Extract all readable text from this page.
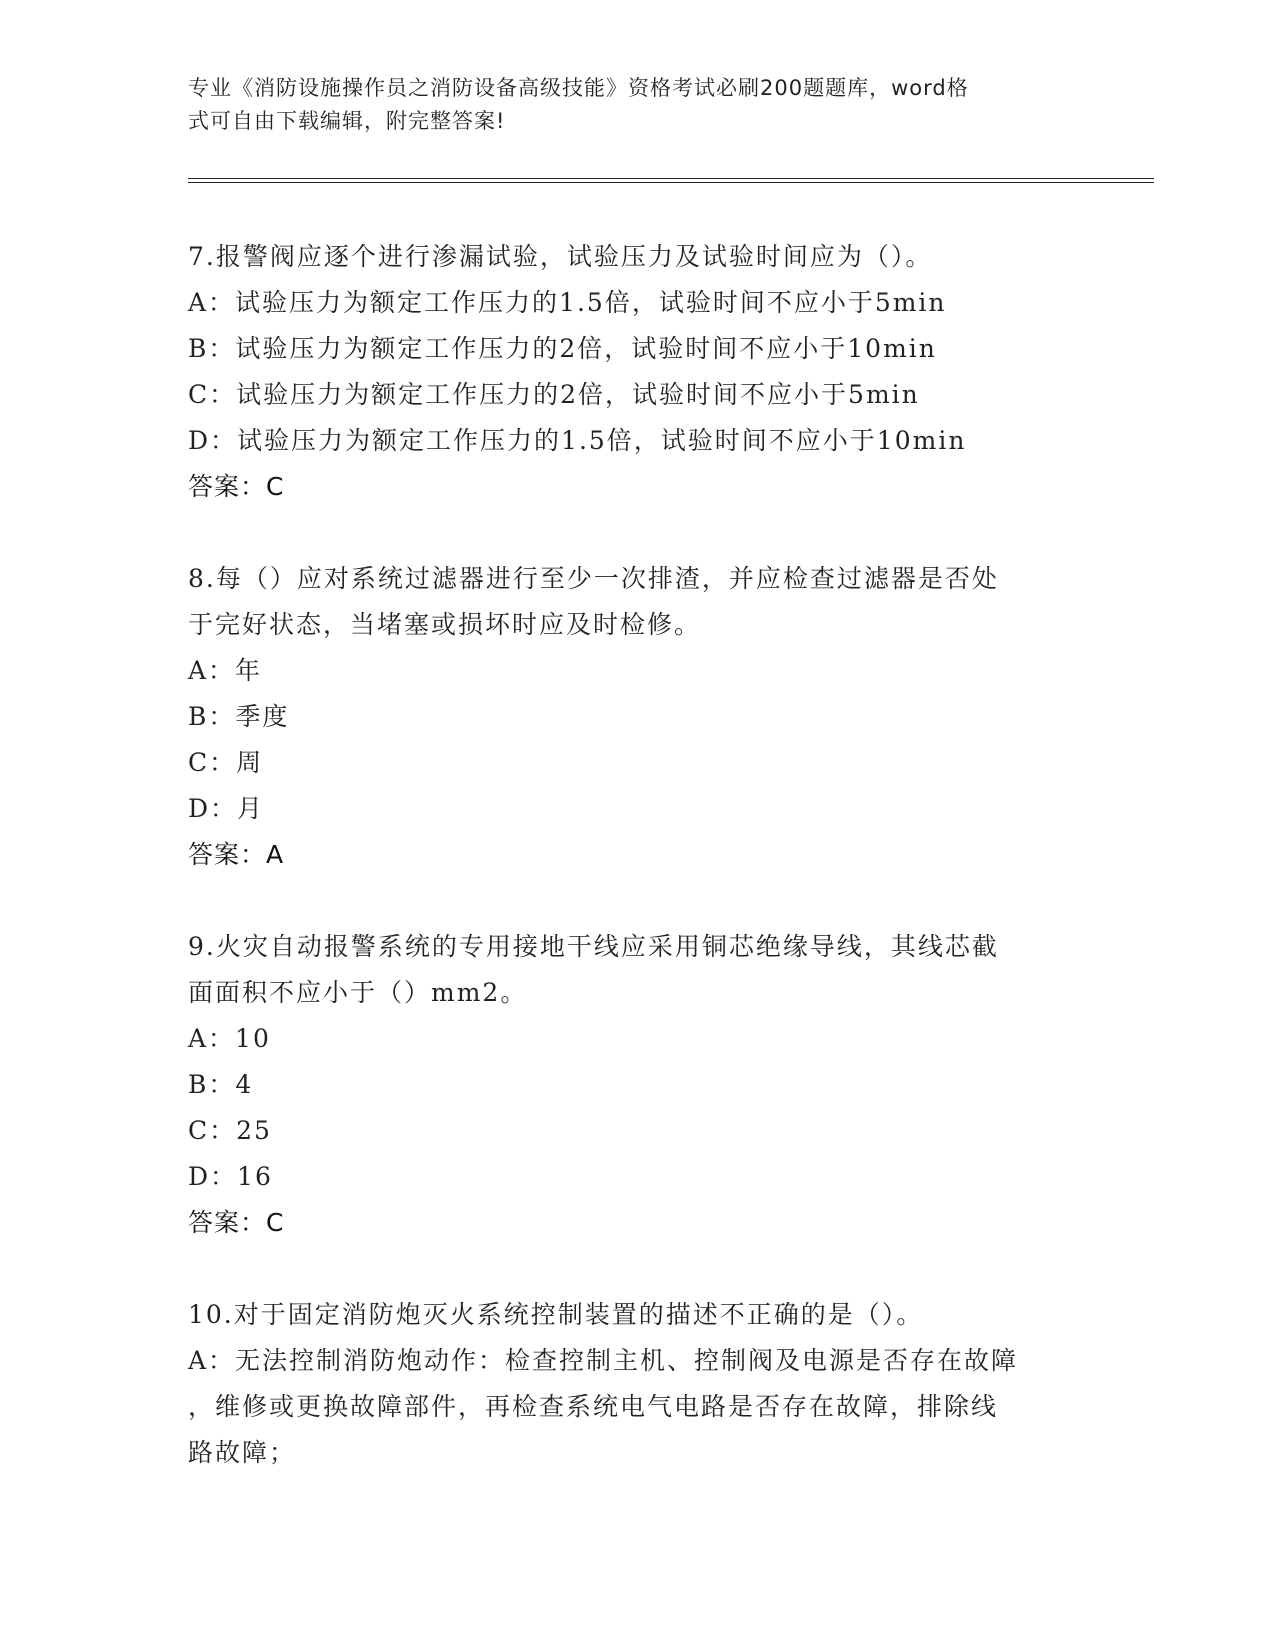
专业《消防设施操作员之消防设备高级技能》资格考试必刷200题题库，word格
式可自由下载编辑，附完整答案!
7.报警阀应逐个进行渗漏试验，试验压力及试验时间应为（）。
A：试验压力为额定工作压力的1.5倍，试验时间不应小于5min
B：试验压力为额定工作压力的2倍，试验时间不应小于10min
C：试验压力为额定工作压力的2倍，试验时间不应小于5min
D：试验压力为额定工作压力的1.5倍，试验时间不应小于10min
答案：C
8.每（）应对系统过滤器进行至少一次排渣，并应检查过滤器是否处
于完好状态，当堵塞或损坏时应及时检修。
A：年
B：季度
C：周
D：月
答案：A
9.火灾自动报警系统的专用接地干线应采用铜芯绝缘导线，其线芯截
面面积不应小于（）mm2。
A：10
B：4
C：25
D：16
答案：C
10.对于固定消防炮灭火系统控制装置的描述不正确的是（）。
A：无法控制消防炮动作：检查控制主机、控制阀及电源是否存在故障
，维修或更换故障部件，再检查系统电气电路是否存在故障，排除线
路故障；
